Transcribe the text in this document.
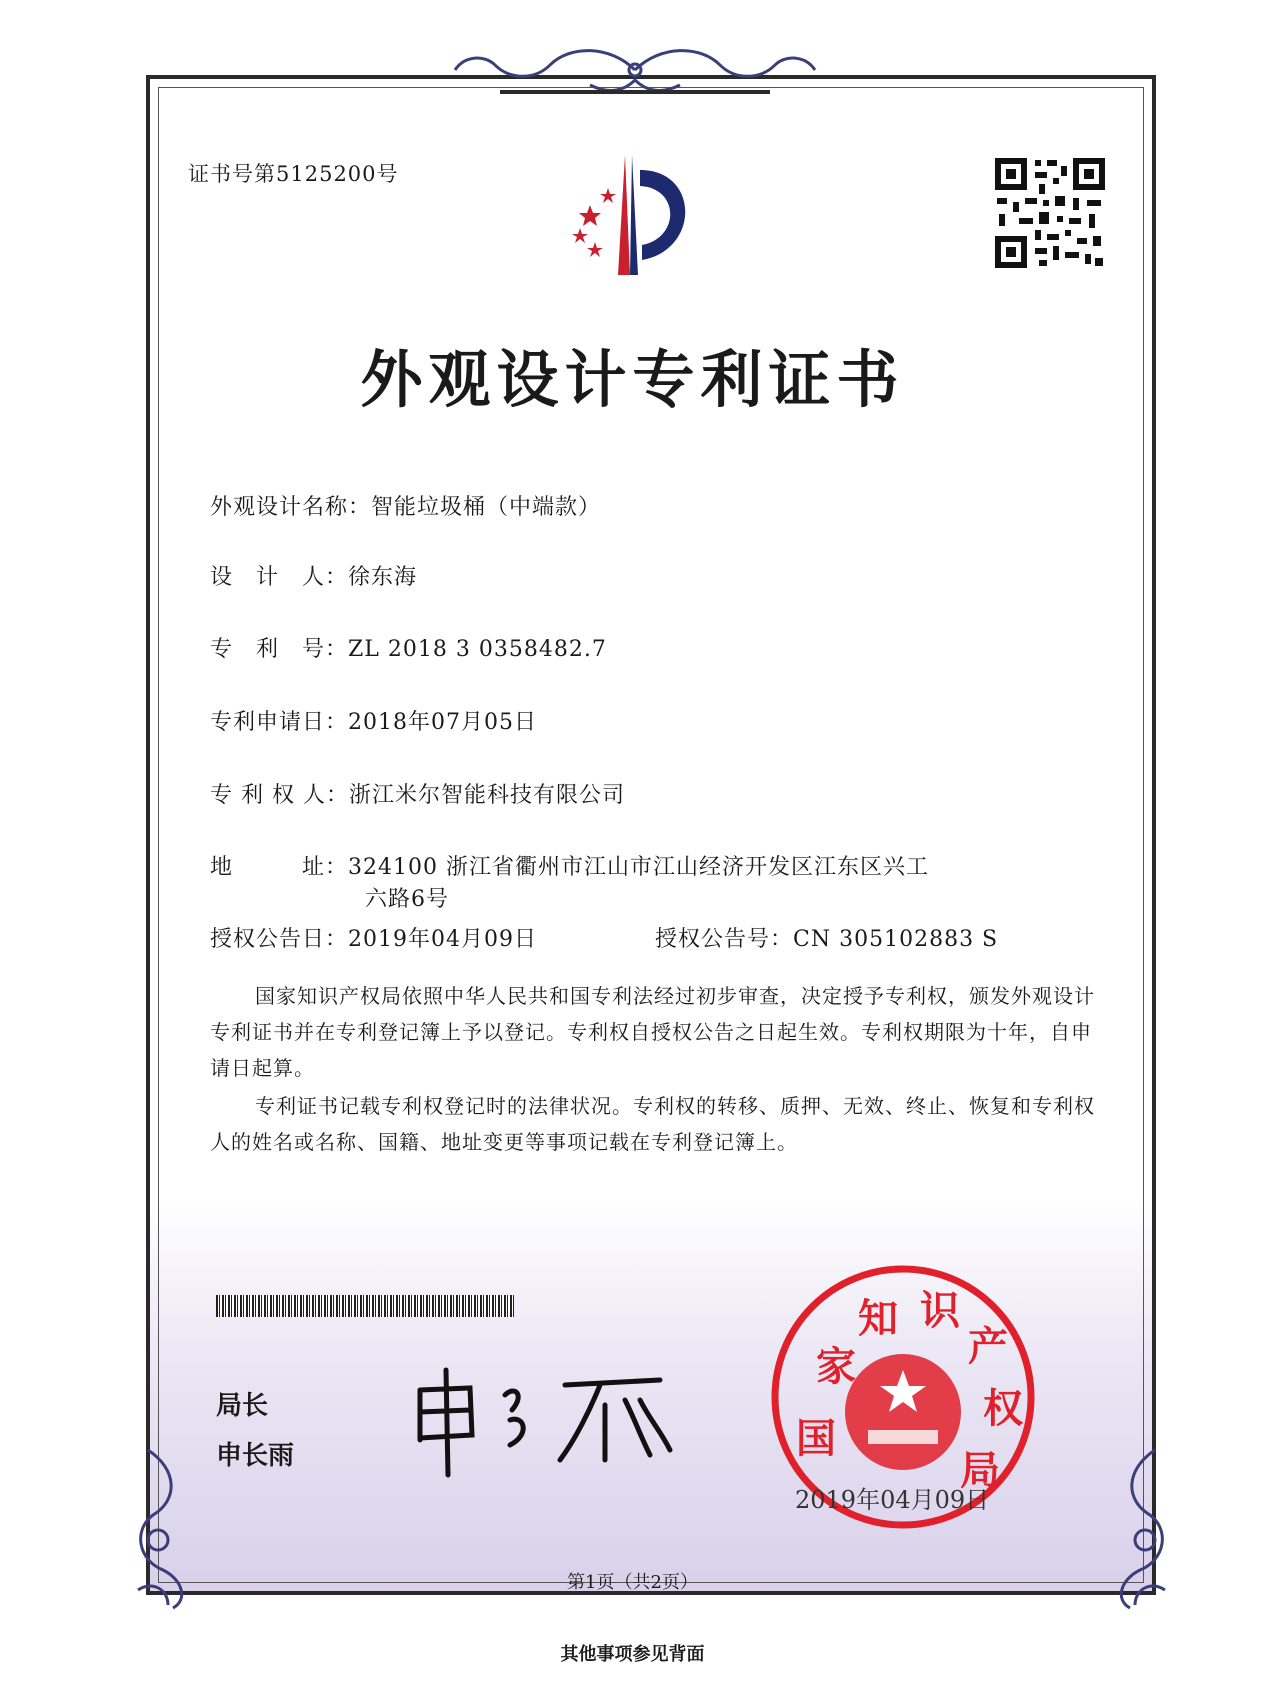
证书号第5125200号
外观设计专利证书
外观设计名称：智能垃圾桶（中端款）
设　计　人：徐东海
专　利　号：ZL 2018 3 0358482.7
专利申请日：2018年07月05日
专 利 权 人：浙江米尔智能科技有限公司
地　　　址：324100 浙江省衢州市江山市江山经济开发区江东区兴工
六路6号
授权公告日：2019年04月09日	授权公告号：CN 305102883 S
国家知识产权局依照中华人民共和国专利法经过初步审查，决定授予专利权，颁发外观设计专利证书并在专利登记簿上予以登记。专利权自授权公告之日起生效。专利权期限为十年，自申请日起算。
专利证书记载专利权登记时的法律状况。专利权的转移、质押、无效、终止、恢复和专利权人的姓名或名称、国籍、地址变更等事项记载在专利登记簿上。
局长
申长雨
家
知 识
产
权
局
国
2019年04月09日
第1页（共2页）
其他事项参见背面
